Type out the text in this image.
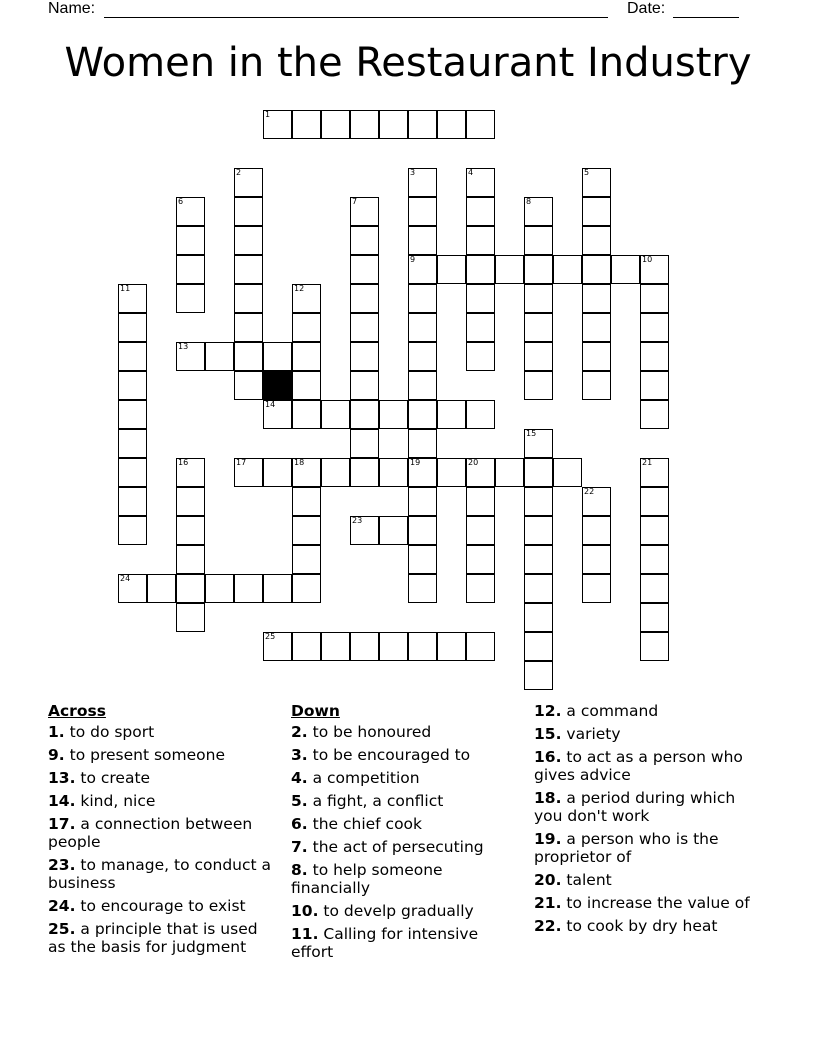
Name:	Date:
Women in the Restaurant Industry
1
2	3
9
4	5
6	7	8
10
11	12
13
14
15
16	17	18	19	20	21
22
23
24
25
Across
1. to do sport
9. to present someone
13. to create
14. kind, nice
17. a connection between people
23. to manage, to conduct a business
24. to encourage to exist
25. a principle that is used as the basis for judgment
Down
2. to be honoured
3. to be encouraged to
4. a competition
5. a fight, a conflict
6. the chief cook
7. the act of persecuting
8. to help someone financially
10. to develp gradually
11. Calling for intensive effort
12. a command
15. variety
16. to act as a person who gives advice
18. a period during which you don't work
19. a person who is the proprietor of
20. talent
21. to increase the value of
22. to cook by dry heat
